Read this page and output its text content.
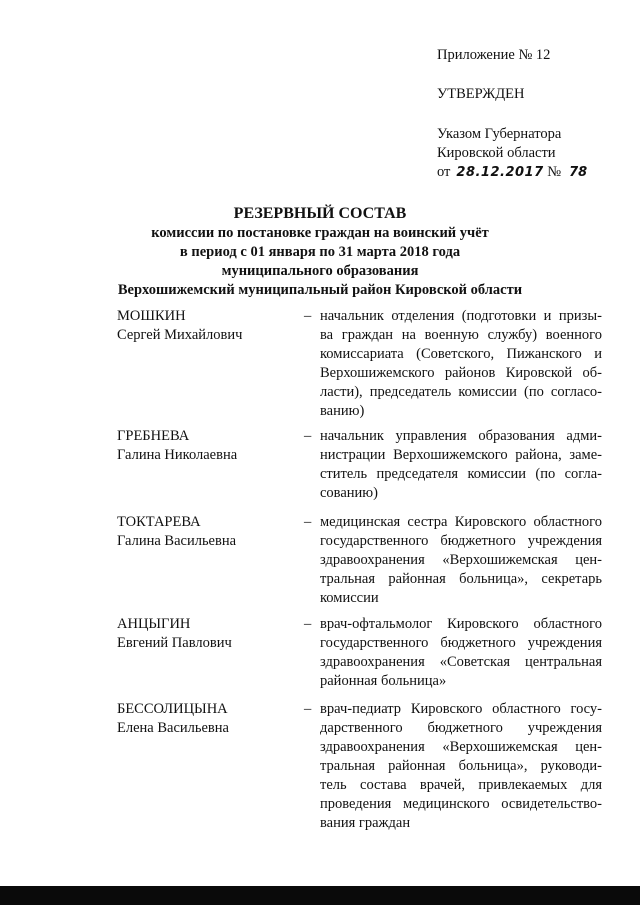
Приложение № 12
УТВЕРЖДЕН
Указом Губернатора
Кировской области
от 28.12.2017 № 78
РЕЗЕРВНЫЙ СОСТАВ
комиссии по постановке граждан на воинский учёт
в период с 01 января по 31 марта 2018 года
муниципального образования
Верхошижемский муниципальный район Кировской области
МОШКИН
Сергей Михайлович
– начальник отделения (подготовки и призы-
ва граждан на военную службу) военного
комиссариата (Советского, Пижанского и
Верхошижемского районов Кировской об-
ласти), председатель комиссии (по согласо-
ванию)
ГРЕБНЕВА
Галина Николаевна
– начальник управления образования адми-
нистрации Верхошижемского района, заме-
ститель председателя комиссии (по согла-
сованию)
ТОКТАРЕВА
Галина Васильевна
– медицинская сестра Кировского областного
государственного бюджетного учреждения
здравоохранения «Верхошижемская цен-
тральная районная больница», секретарь
комиссии
АНЦЫГИН
Евгений Павлович
– врач-офтальмолог Кировского областного
государственного бюджетного учреждения
здравоохранения «Советская центральная
районная больница»
БЕССОЛИЦЫНА
Елена Васильевна
– врач-педиатр Кировского областного госу-
дарственного бюджетного учреждения
здравоохранения «Верхошижемская цен-
тральная районная больница», руководи-
тель состава врачей, привлекаемых для
проведения медицинского освидетельство-
вания граждан
